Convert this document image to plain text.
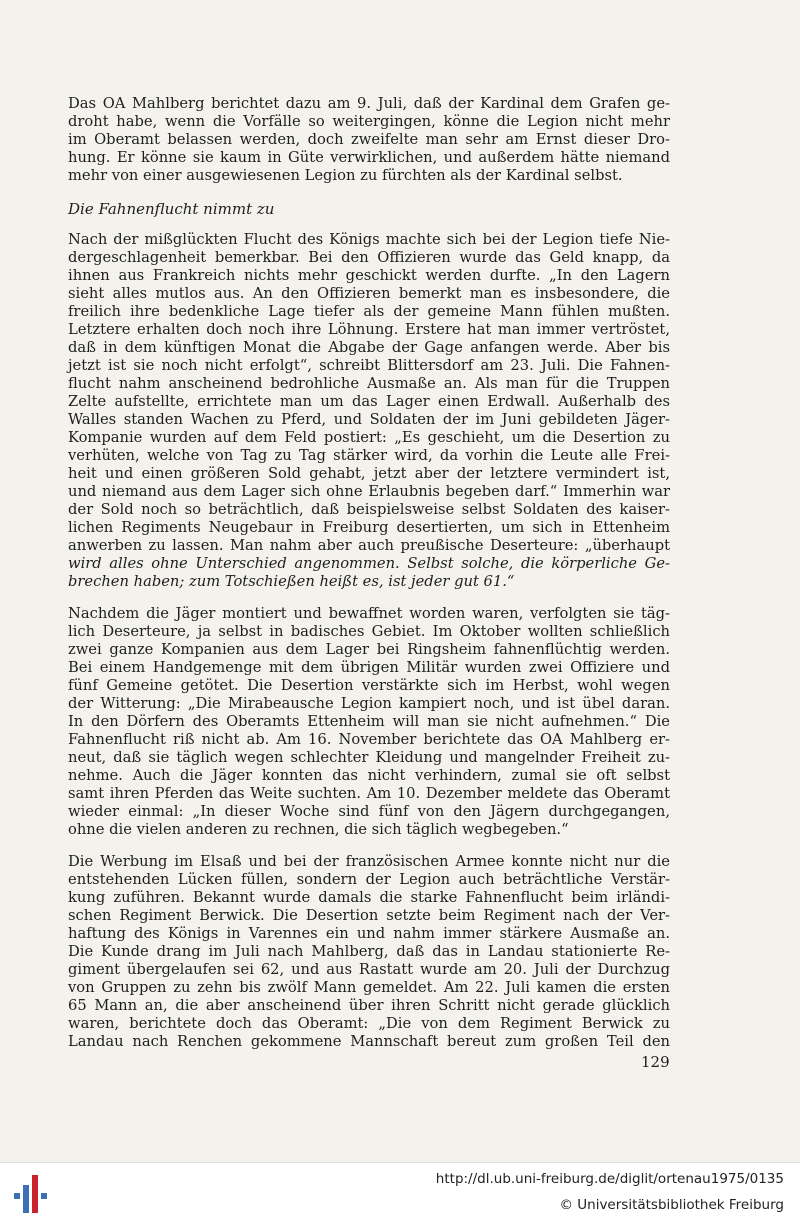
Das OA Mahlberg berichtet dazu am 9. Juli, daß der Kardinal dem Grafen ge-
droht habe, wenn die Vorfälle so weitergingen, könne die Legion nicht mehr
im Oberamt belassen werden, doch zweifelte man sehr am Ernst dieser Dro-
hung. Er könne sie kaum in Güte verwirklichen, und außerdem hätte niemand
mehr von einer ausgewiesenen Legion zu fürchten als der Kardinal selbst.
Die Fahnenflucht nimmt zu
Nach der mißglückten Flucht des Königs machte sich bei der Legion tiefe Nie-
dergeschlagenheit bemerkbar. Bei den Offizieren wurde das Geld knapp, da
ihnen aus Frankreich nichts mehr geschickt werden durfte. „In den Lagern
sieht alles mutlos aus. An den Offizieren bemerkt man es insbesondere, die
freilich ihre bedenkliche Lage tiefer als der gemeine Mann fühlen mußten.
Letztere erhalten doch noch ihre Löhnung. Erstere hat man immer vertröstet,
daß in dem künftigen Monat die Abgabe der Gage anfangen werde. Aber bis
jetzt ist sie noch nicht erfolgt“, schreibt Blittersdorf am 23. Juli. Die Fahnen-
flucht nahm anscheinend bedrohliche Ausmaße an. Als man für die Truppen
Zelte aufstellte, errichtete man um das Lager einen Erdwall. Außerhalb des
Walles standen Wachen zu Pferd, und Soldaten der im Juni gebildeten Jäger-
Kompanie wurden auf dem Feld postiert: „Es geschieht, um die Desertion zu
verhüten, welche von Tag zu Tag stärker wird, da vorhin die Leute alle Frei-
heit und einen größeren Sold gehabt, jetzt aber der letztere vermindert ist,
und niemand aus dem Lager sich ohne Erlaubnis begeben darf.“ Immerhin war
der Sold noch so beträchtlich, daß beispielsweise selbst Soldaten des kaiser-
lichen Regiments Neugebaur in Freiburg desertierten, um sich in Ettenheim
anwerben zu lassen. Man nahm aber auch preußische Deserteure: „überhaupt
wird alles ohne Unterschied angenommen. Selbst solche, die körperliche Ge-
brechen haben; zum Totschießen heißt es, ist jeder gut 61.“
Nachdem die Jäger montiert und bewaffnet worden waren, verfolgten sie täg-
lich Deserteure, ja selbst in badisches Gebiet. Im Oktober wollten schließlich
zwei ganze Kompanien aus dem Lager bei Ringsheim fahnenflüchtig werden.
Bei einem Handgemenge mit dem übrigen Militär wurden zwei Offiziere und
fünf Gemeine getötet. Die Desertion verstärkte sich im Herbst, wohl wegen
der Witterung: „Die Mirabeausche Legion kampiert noch, und ist übel daran.
In den Dörfern des Oberamts Ettenheim will man sie nicht aufnehmen.“ Die
Fahnenflucht riß nicht ab. Am 16. November berichtete das OA Mahlberg er-
neut, daß sie täglich wegen schlechter Kleidung und mangelnder Freiheit zu-
nehme. Auch die Jäger konnten das nicht verhindern, zumal sie oft selbst
samt ihren Pferden das Weite suchten. Am 10. Dezember meldete das Oberamt
wieder einmal: „In dieser Woche sind fünf von den Jägern durchgegangen,
ohne die vielen anderen zu rechnen, die sich täglich wegbegeben.“
Die Werbung im Elsaß und bei der französischen Armee konnte nicht nur die
entstehenden Lücken füllen, sondern der Legion auch beträchtliche Verstär-
kung zuführen. Bekannt wurde damals die starke Fahnenflucht beim irländi-
schen Regiment Berwick. Die Desertion setzte beim Regiment nach der Ver-
haftung des Königs in Varennes ein und nahm immer stärkere Ausmaße an.
Die Kunde drang im Juli nach Mahlberg, daß das in Landau stationierte Re-
giment übergelaufen sei 62, und aus Rastatt wurde am 20. Juli der Durchzug
von Gruppen zu zehn bis zwölf Mann gemeldet. Am 22. Juli kamen die ersten
65 Mann an, die aber anscheinend über ihren Schritt nicht gerade glücklich
waren, berichtete doch das Oberamt: „Die von dem Regiment Berwick zu
Landau nach Renchen gekommene Mannschaft bereut zum großen Teil den
129
http://dl.ub.uni-freiburg.de/diglit/ortenau1975/0135
© Universitätsbibliothek Freiburg
